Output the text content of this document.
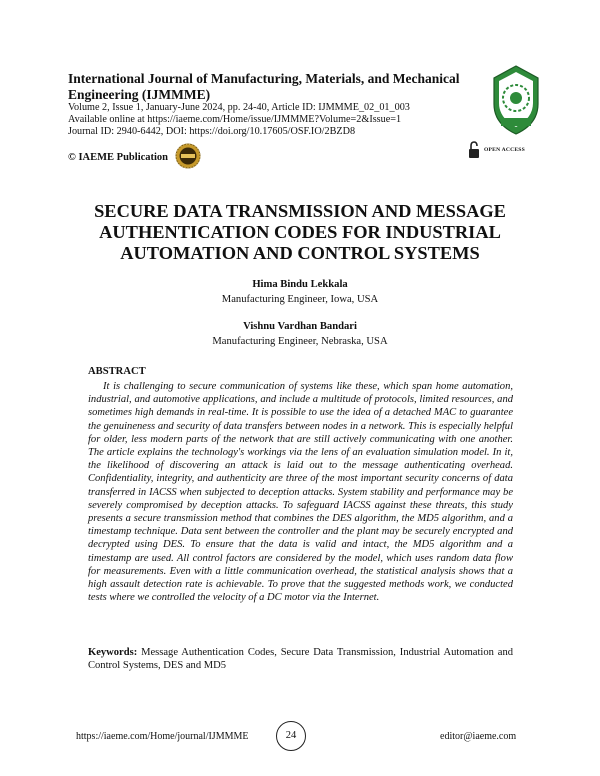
International Journal of Manufacturing, Materials, and Mechanical Engineering (IJMMME)
Volume 2, Issue 1, January-June 2024, pp. 24-40, Article ID: IJMMME_02_01_003
Available online at https://iaeme.com/Home/issue/IJMMME?Volume=2&Issue=1
Journal ID: 2940-6442, DOI: https://doi.org/10.17605/OSF.IO/2BZD8
© IAEME Publication
OPEN ACCESS
SECURE DATA TRANSMISSION AND MESSAGE AUTHENTICATION CODES FOR INDUSTRIAL AUTOMATION AND CONTROL SYSTEMS
Hima Bindu Lekkala
Manufacturing Engineer, Iowa, USA
Vishnu Vardhan Bandari
Manufacturing Engineer, Nebraska, USA
ABSTRACT

It is challenging to secure communication of systems like these, which span home automation, industrial, and automotive applications, and include a multitude of protocols, limited resources, and sometimes high demands in real-time. It is possible to use the idea of a detached MAC to guarantee the genuineness and security of data transfers between nodes in a network. This is especially helpful for older, less modern parts of the network that are still actively communicating with one another. The article explains the technology's workings via the lens of an evaluation simulation model. In it, the likelihood of discovering an attack is laid out to the message authenticating overhead. Confidentiality, integrity, and authenticity are three of the most important security concerns of data transferred in IACSS when subjected to deception attacks. System stability and performance may be severely compromised by deception attacks. To safeguard IACSS against these threats, this study presents a secure transmission method that combines the DES algorithm, the MD5 algorithm, and a timestamp technique. Data sent between the controller and the plant may be securely encrypted and decrypted using DES. To ensure that the data is valid and intact, the MD5 algorithm and a timestamp are used. All control factors are considered by the model, which uses random data flow for measurements. Even with a little communication overhead, the statistical analysis shows that a high assault detection rate is achievable. To prove that the suggested methods work, we conducted tests where we controlled the velocity of a DC motor via the Internet.

Keywords: Message Authentication Codes, Secure Data Transmission, Industrial Automation and Control Systems, DES and MD5

https://iaeme.com/Home/journal/IJMMME	24	editor@iaeme.com
